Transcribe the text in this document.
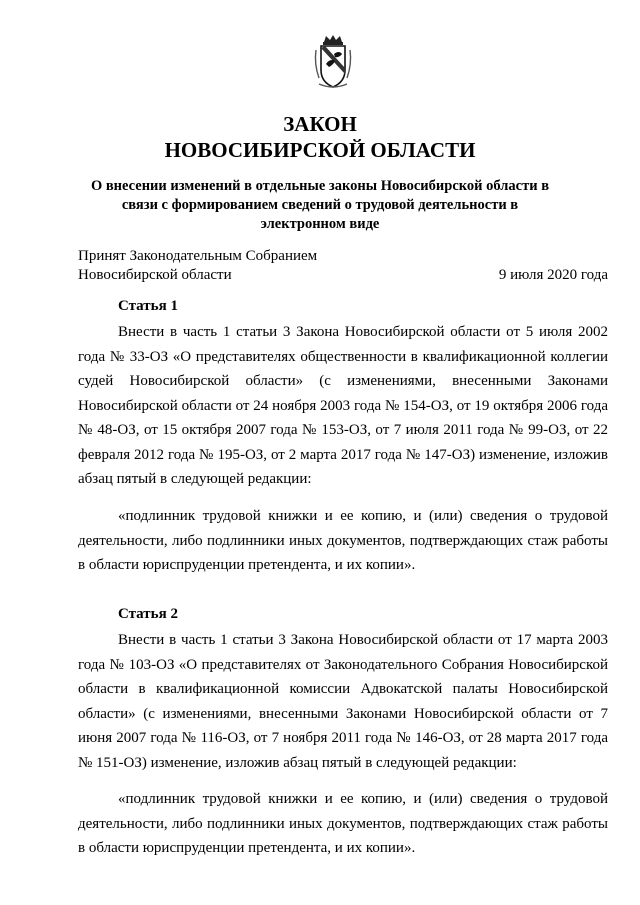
ЗАКОН
НОВОСИБИРСКОЙ ОБЛАСТИ
О внесении изменений в отдельные законы Новосибирской области в связи с формированием сведений о трудовой деятельности в электронном виде
Принят Законодательным Собранием
Новосибирской области	9 июля 2020 года
Статья 1

Внести в часть 1 статьи 3 Закона Новосибирской области от 5 июля 2002 года № 33-ОЗ «О представителях общественности в квалификационной коллегии судей Новосибирской области» (с изменениями, внесенными Законами Новосибирской области от 24 ноября 2003 года № 154-ОЗ, от 19 октября 2006 года № 48-ОЗ, от 15 октября 2007 года № 153-ОЗ, от 7 июля 2011 года № 99-ОЗ, от 22 февраля 2012 года № 195-ОЗ, от 2 марта 2017 года № 147-ОЗ) изменение, изложив абзац пятый в следующей редакции:

«подлинник трудовой книжки и ее копию, и (или) сведения о трудовой деятельности, либо подлинники иных документов, подтверждающих стаж работы в области юриспруденции претендента, и их копии».

Статья 2

Внести в часть 1 статьи 3 Закона Новосибирской области от 17 марта 2003 года № 103-ОЗ «О представителях от Законодательного Собрания Новосибирской области в квалификационной комиссии Адвокатской палаты Новосибирской области» (с изменениями, внесенными Законами Новосибирской области от 7 июня 2007 года № 116-ОЗ, от 7 ноября 2011 года № 146-ОЗ, от 28 марта 2017 года № 151-ОЗ) изменение, изложив абзац пятый в следующей редакции:

«подлинник трудовой книжки и ее копию, и (или) сведения о трудовой деятельности, либо подлинники иных документов, подтверждающих стаж работы в области юриспруденции претендента, и их копии».
